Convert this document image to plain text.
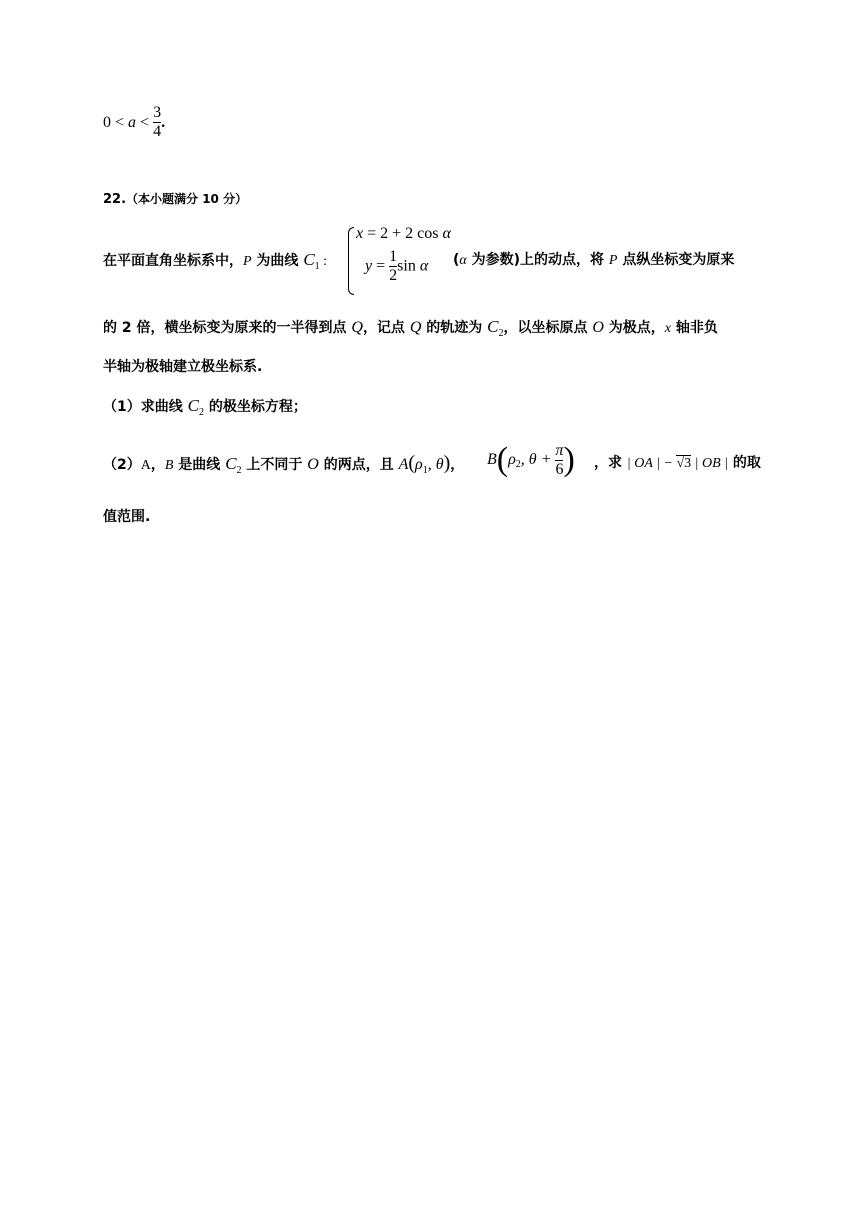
$0 < a < \frac{3}{4}$ .
22.（本小题满分 10 分）
x = 2 + 2 cos α
$y = \frac{1}{2}$ sin α
在平面直角坐标系中，P 为曲线 $C_1$ :	(α 为参数)上的动点，将 P 点纵坐标变为原来
的 2 倍，横坐标变为原来的一半得到点 Q，记点 Q 的轨迹为 $C_2$，以坐标原点 O 为极点，x 轴非负
半轴为极轴建立极坐标系.
（1）求曲线 $C_2$ 的极坐标方程；
（2）A，B 是曲线 $C_2$ 上不同于 O 的两点，且 $A(\rho_1$, θ)， $B(\rho_2$, $\theta + \frac{\pi}{6}$ ) ，求 | OA | − √3 | OB | 的取
值范围.
